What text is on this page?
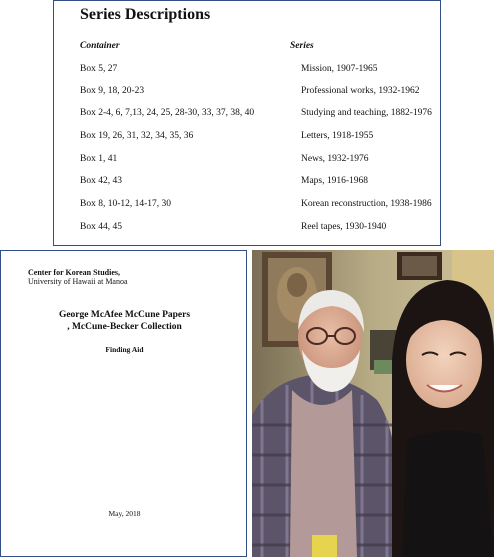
Series Descriptions
Container	Series
Box 5, 27	Mission, 1907-1965
Box 9, 18, 20-23	Professional works, 1932-1962
Box 2-4, 6, 7,13, 24, 25, 28-30, 33, 37, 38, 40	Studying and teaching, 1882-1976
Box 19, 26, 31, 32, 34, 35, 36	Letters, 1918-1955
Box 1, 41	News, 1932-1976
Box 42, 43	Maps, 1916-1968
Box 8, 10-12, 14-17, 30	Korean reconstruction, 1938-1986
Box 44, 45	Reel tapes, 1930-1940
Center for Korean Studies,
University of Hawaii at Manoa
George McAfee McCune Papers
, McCune-Becker Collection
Finding Aid
May, 2018
